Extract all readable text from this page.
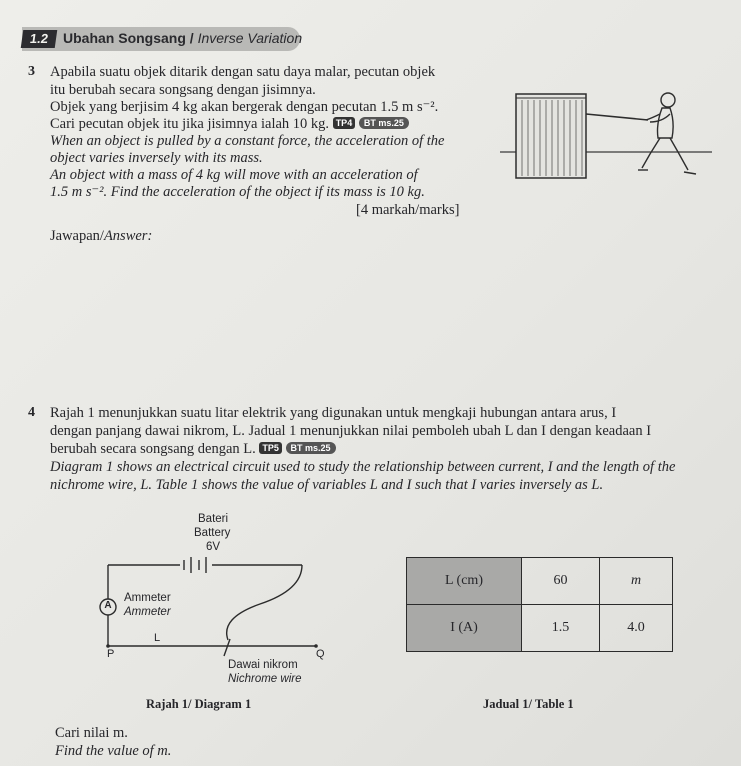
1.2 Ubahan Songsang / Inverse Variation
3 Apabila suatu objek ditarik dengan satu daya malar, pecutan objek
itu berubah secara songsang dengan jisimnya.
Objek yang berjisim 4 kg akan bergerak dengan pecutan 1.5 m s⁻².
Cari pecutan objek itu jika jisimnya ialah 10 kg. TP4 BT ms.25
When an object is pulled by a constant force, the acceleration of the
object varies inversely with its mass.
An object with a mass of 4 kg will move with an acceleration of
1.5 m s⁻². Find the acceleration of the object if its mass is 10 kg.
[4 markah/marks]
Jawapan/Answer:
4 Rajah 1 menunjukkan suatu litar elektrik yang digunakan untuk mengkaji hubungan antara arus, I
dengan panjang dawai nikrom, L. Jadual 1 menunjukkan nilai pemboleh ubah L dan I dengan keadaan I
berubah secara songsang dengan L. TP5 BT ms.25
Diagram 1 shows an electrical circuit used to study the relationship between current, I and the length of the
nichrome wire, L. Table 1 shows the value of variables L and I such that I varies inversely as L.
Bateri
Battery
6V
A
Ammeter
Ammeter
L
P	Q
Dawai nikrom
Nichrome wire
Rajah 1/ Diagram 1
L (cm)	60	m
I (A)	1.5	4.0
Jadual 1/ Table 1
Cari nilai m.
Find the value of m.
